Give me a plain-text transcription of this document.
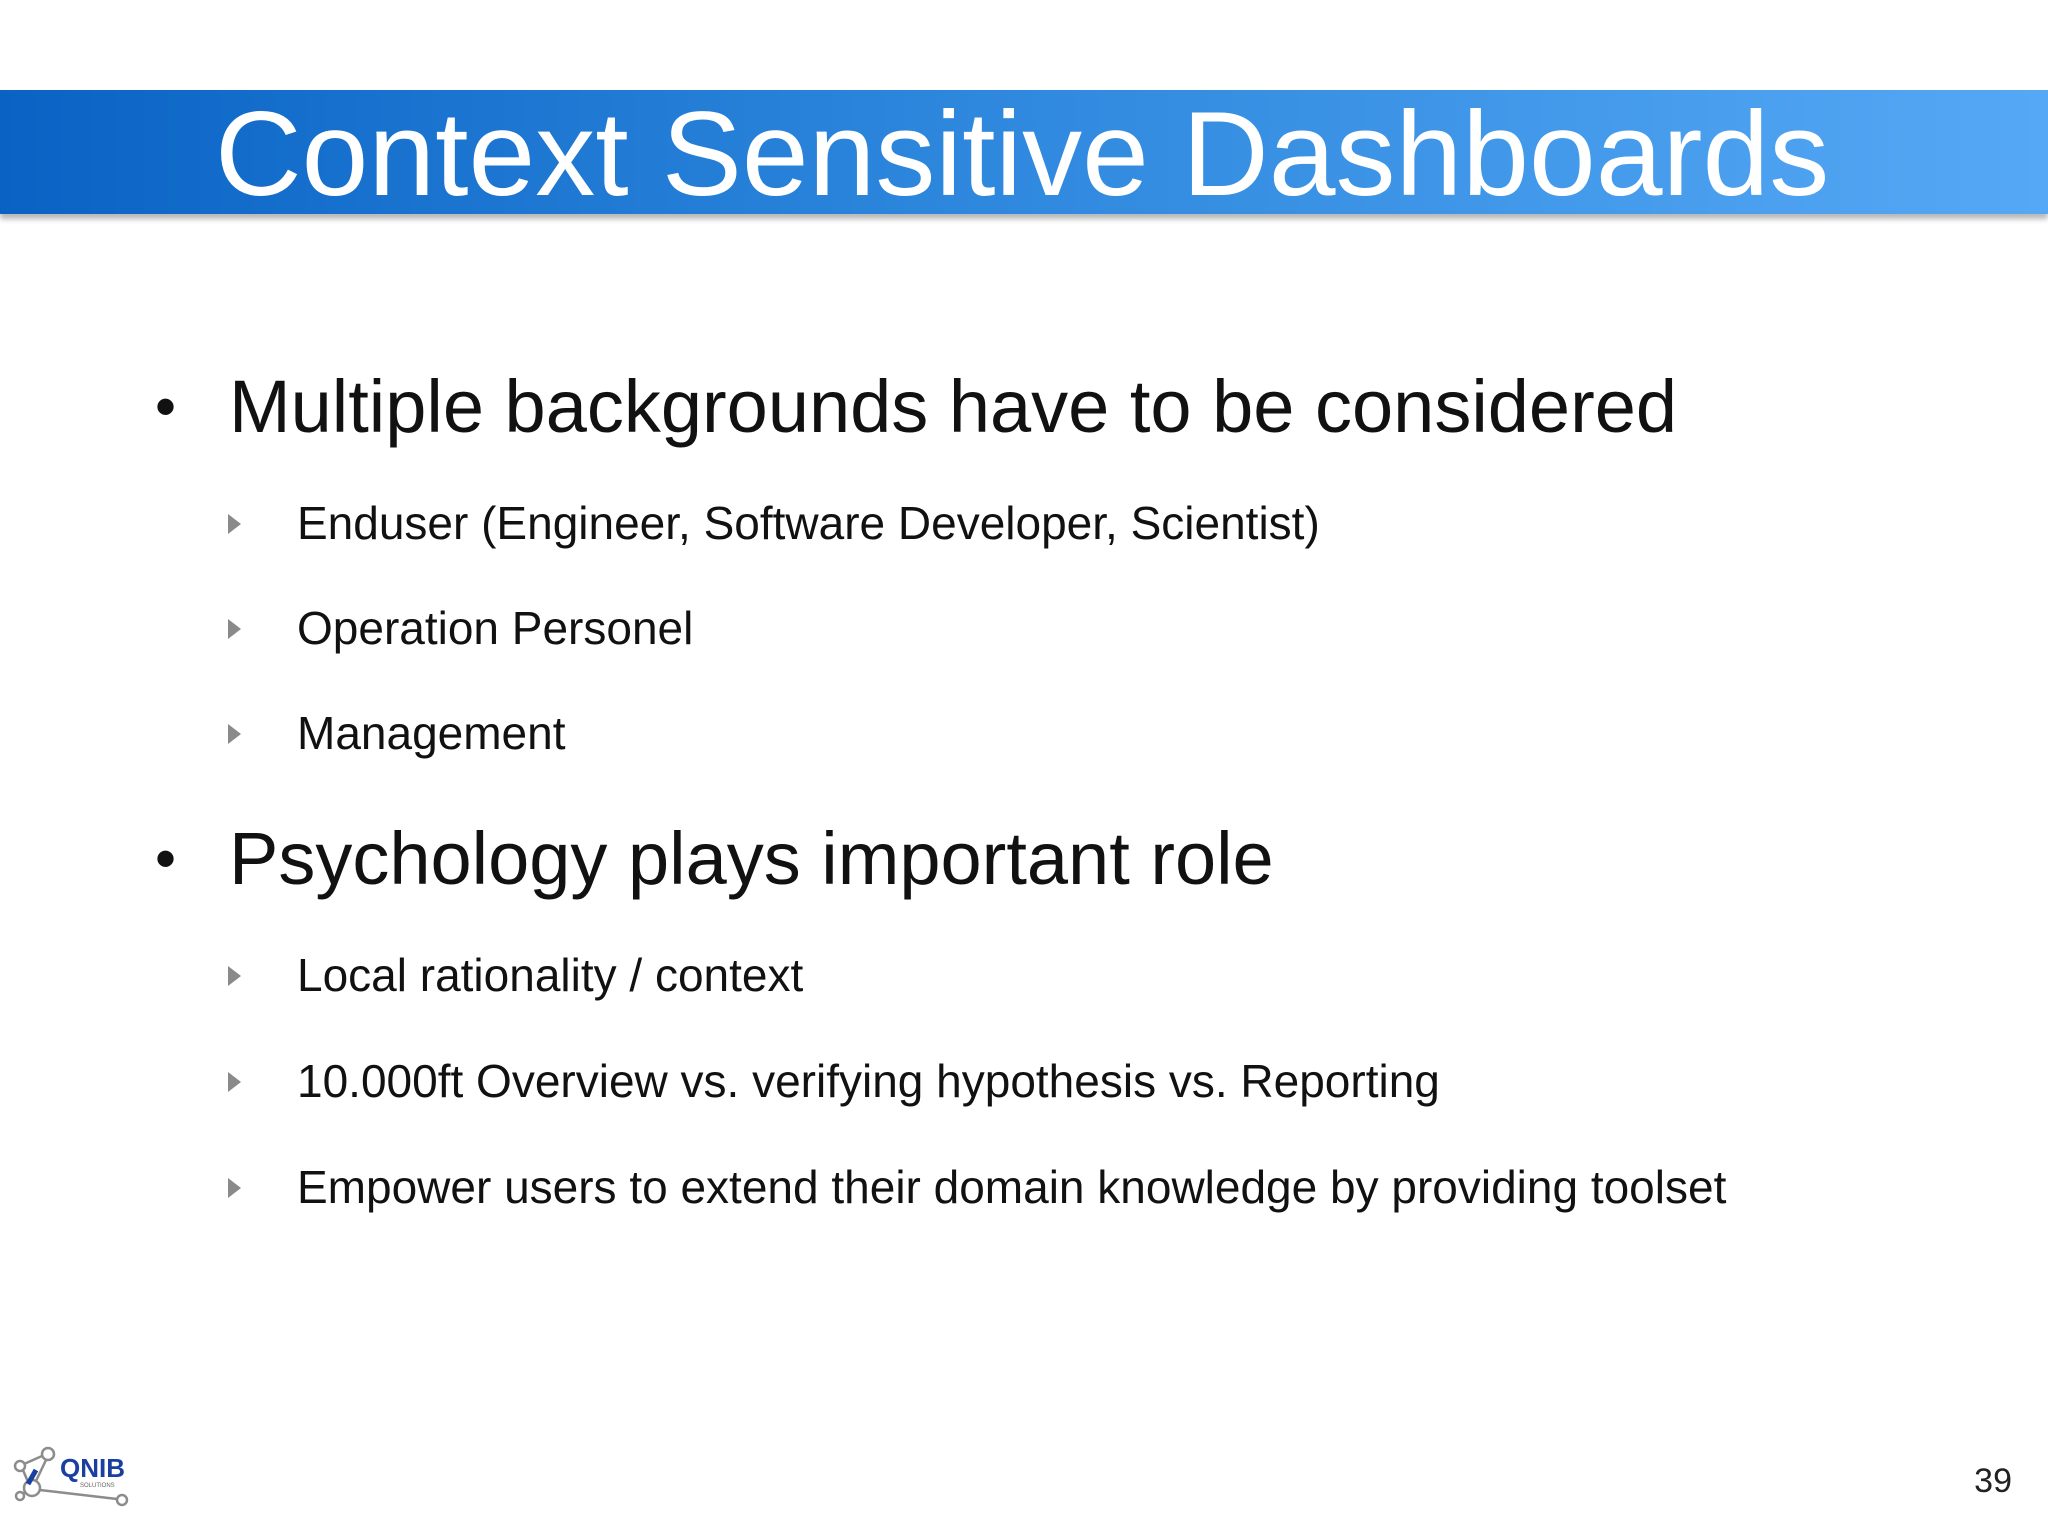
Context Sensitive Dashboards
• Multiple backgrounds have to be considered
Enduser (Engineer, Software Developer, Scientist)
Operation Personel
Management
• Psychology plays important role
Local rationality / context
10.000ft Overview vs. verifying hypothesis vs. Reporting
Empower users to extend their domain knowledge by providing toolset
QNIB
SOLUTIONS	39
